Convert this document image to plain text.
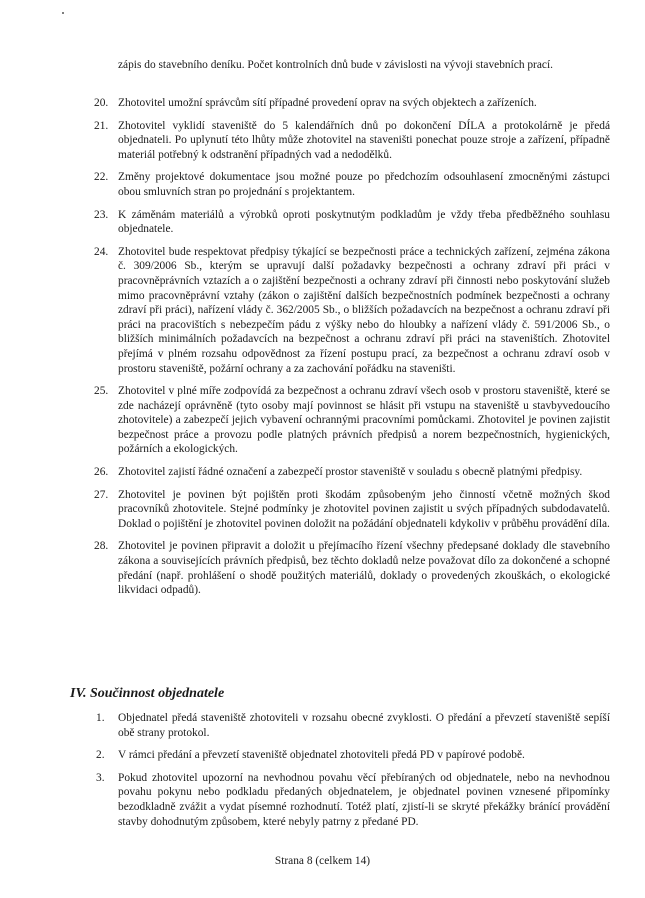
zápis do stavebního deníku. Počet kontrolních dnů bude v závislosti na vývoji stavebních prací.
20. Zhotovitel umožní správcům sítí případné provedení oprav na svých objektech a zařízeních.
21. Zhotovitel vyklidí staveniště do 5 kalendářních dnů po dokončení DÍLA a protokolárně je předá objednateli. Po uplynutí této lhůty může zhotovitel na staveništi ponechat pouze stroje a zařízení, případně materiál potřebný k odstranění případných vad a nedodělků.
22. Změny projektové dokumentace jsou možné pouze po předchozím odsouhlasení zmocněnými zástupci obou smluvních stran po projednání s projektantem.
23. K záměnám materiálů a výrobků oproti poskytnutým podkladům je vždy třeba předběžného souhlasu objednatele.
24. Zhotovitel bude respektovat předpisy týkající se bezpečnosti práce a technických zařízení, zejména zákona č. 309/2006 Sb., kterým se upravují další požadavky bezpečnosti a ochrany zdraví při práci v pracovněprávních vztazích a o zajištění bezpečnosti a ochrany zdraví při činnosti nebo poskytování služeb mimo pracovněprávní vztahy (zákon o zajištění dalších bezpečnostních podmínek bezpečnosti a ochrany zdraví při práci), nařízení vlády č. 362/2005 Sb., o bližších požadavcích na bezpečnost a ochranu zdraví při práci na pracovištích s nebezpečím pádu z výšky nebo do hloubky a nařízení vlády č. 591/2006 Sb., o bližších minimálních požadavcích na bezpečnost a ochranu zdraví při práci na staveništích. Zhotovitel přejímá v plném rozsahu odpovědnost za řízení postupu prací, za bezpečnost a ochranu zdraví osob v prostoru staveniště, požární ochrany a za zachování pořádku na staveništi.
25. Zhotovitel v plné míře zodpovídá za bezpečnost a ochranu zdraví všech osob v prostoru staveniště, které se zde nacházejí oprávněně (tyto osoby mají povinnost se hlásit při vstupu na staveniště u stavbyvedoucího zhotovitele) a zabezpečí jejich vybavení ochrannými pracovními pomůckami. Zhotovitel je povinen zajistit bezpečnost práce a provozu podle platných právních předpisů a norem bezpečnostních, hygienických, požárních a ekologických.
26. Zhotovitel zajistí řádné označení a zabezpečí prostor staveniště v souladu s obecně platnými předpisy.
27. Zhotovitel je povinen být pojištěn proti škodám způsobeným jeho činností včetně možných škod pracovníků zhotovitele. Stejné podmínky je zhotovitel povinen zajistit u svých případných subdodavatelů. Doklad o pojištění je zhotovitel povinen doložit na požádání objednateli kdykoliv v průběhu provádění díla.
28. Zhotovitel je povinen připravit a doložit u přejímacího řízení všechny předepsané doklady dle stavebního zákona a souvisejících právních předpisů, bez těchto dokladů nelze považovat dílo za dokončené a schopné předání (např. prohlášení o shodě použitých materiálů, doklady o provedených zkouškách, o ekologické likvidaci odpadů).
IV. Součinnost objednatele
1.	Objednatel předá staveniště zhotoviteli v rozsahu obecné zvyklosti. O předání a převzetí staveniště sepíší obě strany protokol.
2.	V rámci předání a převzetí staveniště objednatel zhotoviteli předá PD v papírové podobě.
3.	Pokud zhotovitel upozorní na nevhodnou povahu věcí přebíraných od objednatele, nebo na nevhodnou povahu pokynu nebo podkladu předaných objednatelem, je objednatel povinen vznesené připomínky bezodkladně zvážit a vydat písemné rozhodnutí. Totéž platí, zjistí-li se skryté překážky bránící provádění stavby dohodnutým způsobem, které nebyly patrny z předané PD.
Strana 8 (celkem 14)
